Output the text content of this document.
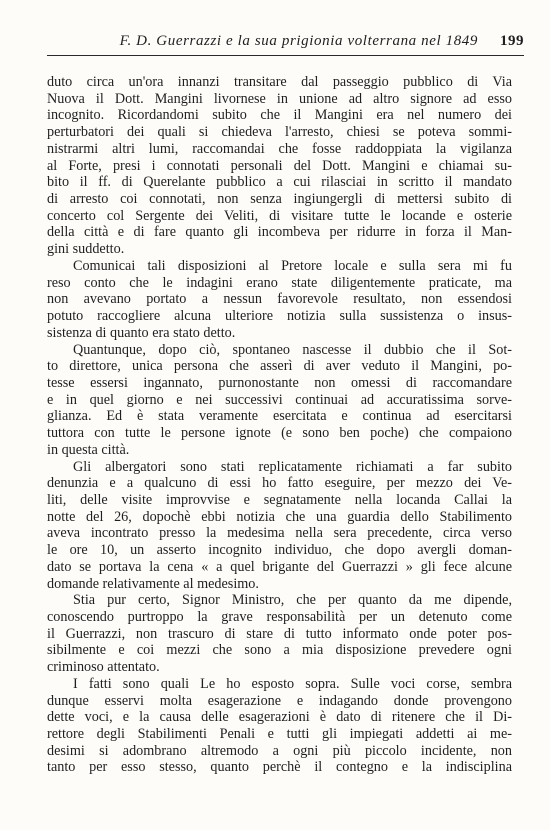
F. D. Guerrazzi e la sua prigionia volterrana nel 1849 199
duto circa un'ora innanzi transitare dal passeggio pubblico di Via
Nuova il Dott. Mangini livornese in unione ad altro signore ad esso
incognito. Ricordandomi subito che il Mangini era nel numero dei
perturbatori dei quali si chiedeva l'arresto, chiesi se poteva sommi-
nistrarmi altri lumi, raccomandai che fosse raddoppiata la vigilanza
al Forte, presi i connotati personali del Dott. Mangini e chiamai su-
bito il ff. di Querelante pubblico a cui rilasciai in scritto il mandato
di arresto coi connotati, non senza ingiungergli di mettersi subito di
concerto col Sergente dei Veliti, di visitare tutte le locande e osterie
della città e di fare quanto gli incombeva per ridurre in forza il Man-
gini suddetto.
Comunicai tali disposizioni al Pretore locale e sulla sera mi fu
reso conto che le indagini erano state diligentemente praticate, ma
non avevano portato a nessun favorevole resultato, non essendosi
potuto raccogliere alcuna ulteriore notizia sulla sussistenza o insus-
sistenza di quanto era stato detto.
Quantunque, dopo ciò, spontaneo nascesse il dubbio che il Sot-
to direttore, unica persona che asserì di aver veduto il Mangini, po-
tesse essersi ingannato, purnonostante non omessi di raccomandare
e in quel giorno e nei successivi continuai ad accuratissima sorve-
glianza. Ed è stata veramente esercitata e continua ad esercitarsi
tuttora con tutte le persone ignote (e sono ben poche) che compaiono
in questa città.
Gli albergatori sono stati replicatamente richiamati a far subito
denunzia e a qualcuno di essi ho fatto eseguire, per mezzo dei Ve-
liti, delle visite improvvise e segnatamente nella locanda Callai la
notte del 26, dopochè ebbi notizia che una guardia dello Stabilimento
aveva incontrato presso la medesima nella sera precedente, circa verso
le ore 10, un asserto incognito individuo, che dopo avergli doman-
dato se portava la cena « a quel brigante del Guerrazzi » gli fece alcune
domande relativamente al medesimo.
Stia pur certo, Signor Ministro, che per quanto da me dipende,
conoscendo purtroppo la grave responsabilità per un detenuto come
il Guerrazzi, non trascuro di stare di tutto informato onde poter pos-
sibilmente e coi mezzi che sono a mia disposizione prevedere ogni
criminoso attentato.
I fatti sono quali Le ho esposto sopra. Sulle voci corse, sembra
dunque esservi molta esagerazione e indagando donde provengono
dette voci, e la causa delle esagerazioni è dato di ritenere che il Di-
rettore degli Stabilimenti Penali e tutti gli impiegati addetti ai me-
desimi si adombrano altremodo a ogni più piccolo incidente, non
tanto per esso stesso, quanto perchè il contegno e la indisciplina
